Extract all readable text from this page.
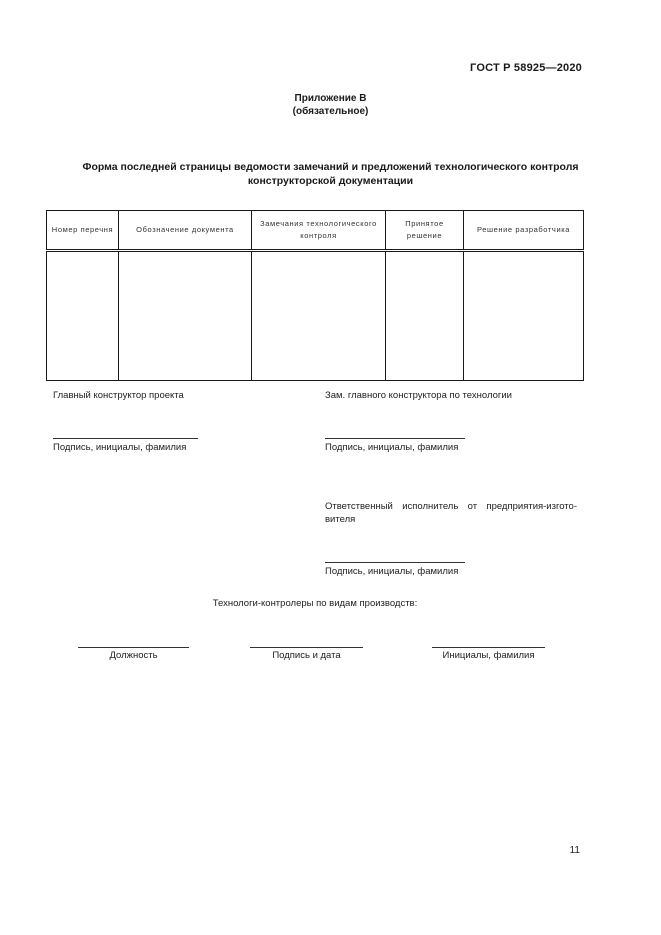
ГОСТ Р 58925—2020
Приложение В
(обязательное)
Форма последней страницы ведомости замечаний и предложений технологического контроля
конструкторской документации
Номер перечня	Обозначение документа	Замечания технологического контроля	Принятое решение	Решение разработчика

Главный конструктор проекта
Подпись, инициалы, фамилия
Зам. главного конструктора по технологии
Подпись, инициалы, фамилия
Ответственный исполнитель от предприятия-изгото-вителя
Подпись, инициалы, фамилия
Технологи-контролеры по видам производств:
Должность	Подпись и дата	Инициалы, фамилия
11
